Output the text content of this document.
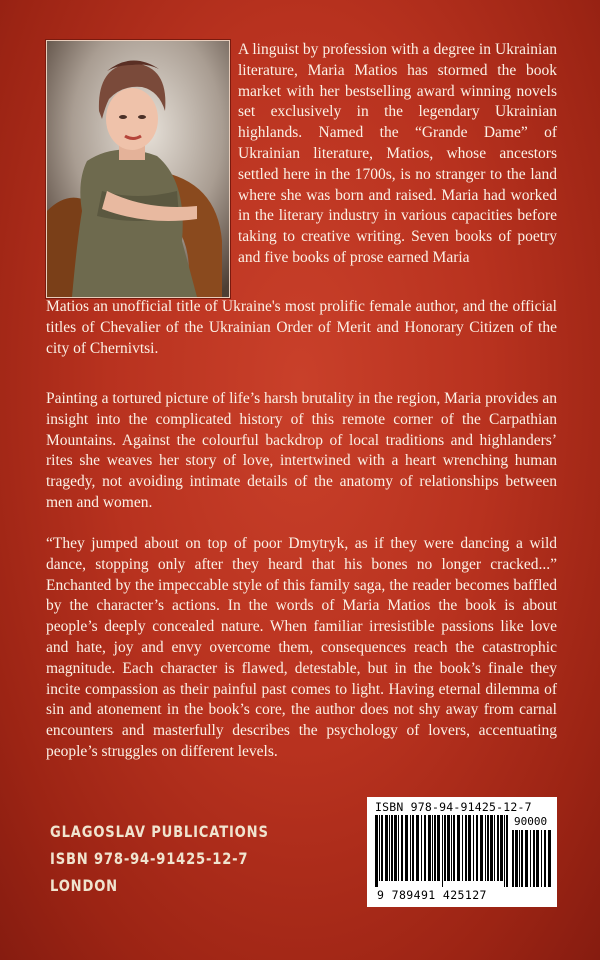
A linguist by profession with a degree in Ukrainian literature, Maria Matios has stormed the book market with her bestselling award winning novels set exclusively in the legendary Ukrainian highlands. Named the “Grande Dame” of Ukrainian literature, Matios, whose ancestors settled here in the 1700s, is no stranger to the land where she was born and raised. Maria had worked in the literary industry in various capacities before taking to creative writing. Seven books of poetry and five books of prose earned Maria
Matios an unofficial title of Ukraine's most prolific female author, and the official titles of Chevalier of the Ukrainian Order of Merit and Honorary Citizen of the city of Chernivtsi.
Painting a tortured picture of life’s harsh brutality in the region, Maria provides an insight into the complicated history of this remote corner of the Carpathian Mountains. Against the colourful backdrop of local traditions and highlanders’ rites she weaves her story of love, intertwined with a heart wrenching human tragedy, not avoiding intimate details of the anatomy of relationships between men and women.
“They jumped about on top of poor Dmytryk, as if they were dancing a wild dance, stopping only after they heard that his bones no longer cracked...” Enchanted by the impeccable style of this family saga, the reader becomes baffled by the character’s actions. In the words of Maria Matios the book is about people’s deeply concealed nature. When familiar irresistible passions like love and hate, joy and envy overcome them, consequences reach the catastrophic magnitude. Each character is flawed, detestable, but in the book’s finale they incite compassion as their painful past comes to light. Having eternal dilemma of sin and atonement in the book’s core, the author does not shy away from carnal encounters and masterfully describes the psychology of lovers, accentuating people’s struggles on different levels.
GLAGOSLAV PUBLICATIONS
ISBN 978-94-91425-12-7
LONDON
ISBN 978-94-91425-12-7
90000
9 789491 425127
